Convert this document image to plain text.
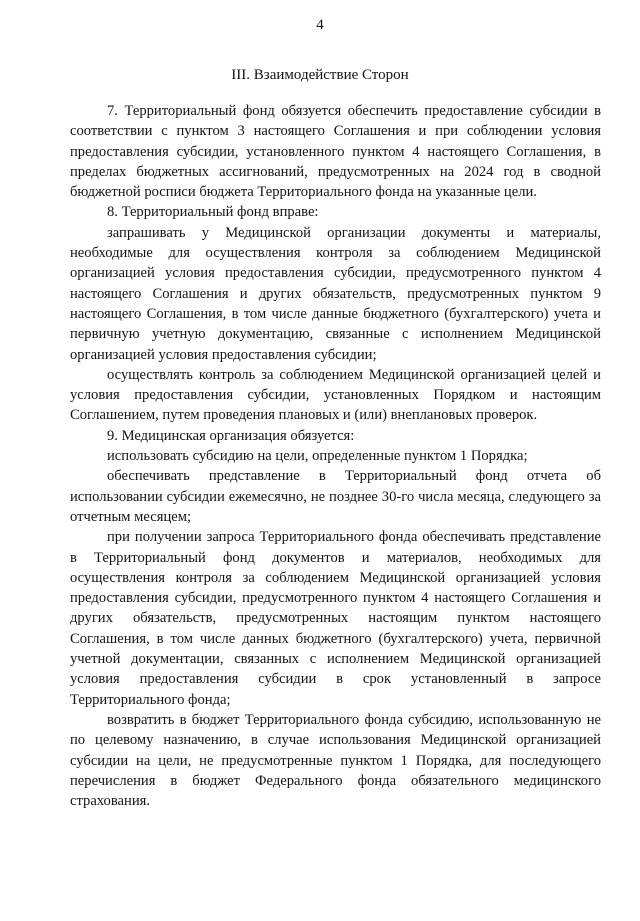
4
III. Взаимодействие Сторон

7. Территориальный фонд обязуется обеспечить предоставление субсидии в соответствии с пунктом 3 настоящего Соглашения и при соблюдении условия предоставления субсидии, установленного пунктом 4 настоящего Соглашения, в пределах бюджетных ассигнований, предусмотренных на 2024 год в сводной бюджетной росписи бюджета Территориального фонда на указанные цели.

8. Территориальный фонд вправе:

запрашивать у Медицинской организации документы и материалы, необходимые для осуществления контроля за соблюдением Медицинской организацией условия предоставления субсидии, предусмотренного пунктом 4 настоящего Соглашения и других обязательств, предусмотренных пунктом 9 настоящего Соглашения, в том числе данные бюджетного (бухгалтерского) учета и первичную учетную документацию, связанные с исполнением Медицинской организацией условия предоставления субсидии;

осуществлять контроль за соблюдением Медицинской организацией целей и условия предоставления субсидии, установленных Порядком и настоящим Соглашением, путем проведения плановых и (или) внеплановых проверок.

9. Медицинская организация обязуется:

использовать субсидию на цели, определенные пунктом 1 Порядка;

обеспечивать представление в Территориальный фонд отчета об использовании субсидии ежемесячно, не позднее 30-го числа месяца, следующего за отчетным месяцем;

при получении запроса Территориального фонда обеспечивать представление в Территориальный фонд документов и материалов, необходимых для осуществления контроля за соблюдением Медицинской организацией условия предоставления субсидии, предусмотренного пунктом 4 настоящего Соглашения и других обязательств, предусмотренных настоящим пунктом настоящего Соглашения, в том числе данных бюджетного (бухгалтерского) учета, первичной учетной документации, связанных с исполнением Медицинской организацией условия предоставления субсидии в срок установленный в запросе Территориального фонда;

возвратить в бюджет Территориального фонда субсидию, использованную не по целевому назначению, в случае использования Медицинской организацией субсидии на цели, не предусмотренные пунктом 1 Порядка, для последующего перечисления в бюджет Федерального фонда обязательного медицинского страхования.
